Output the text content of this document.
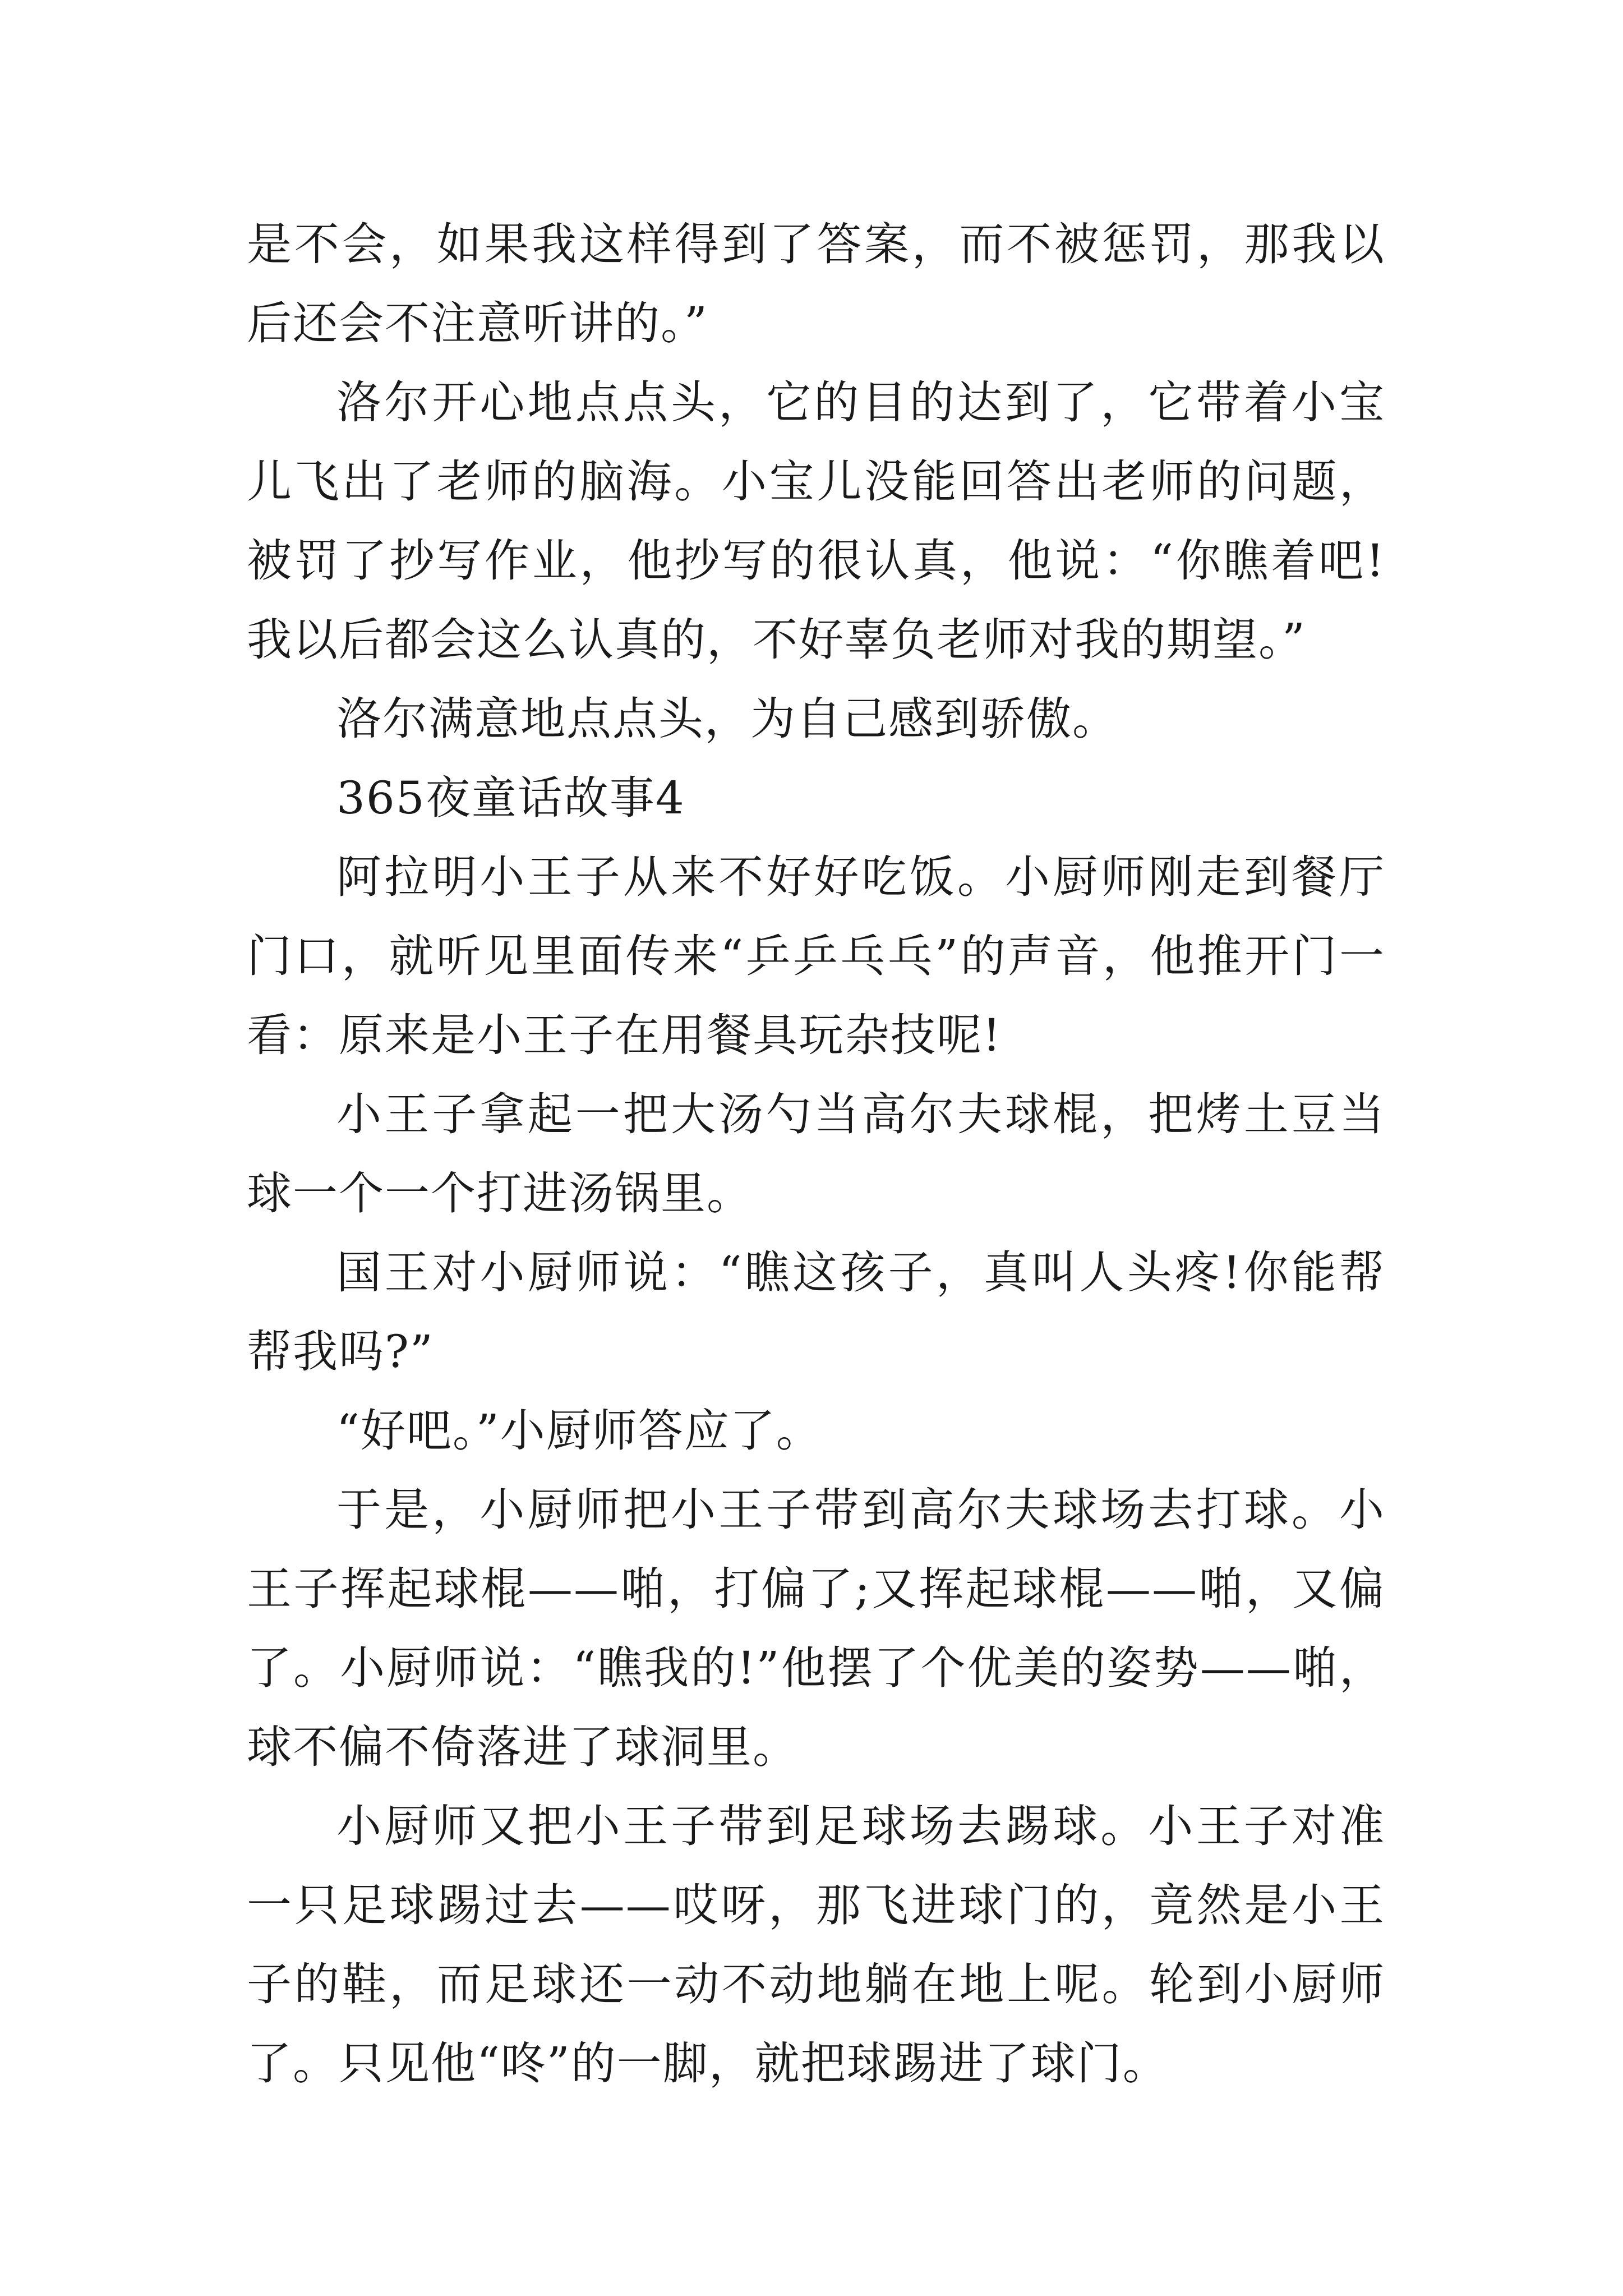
是不会，如果我这样得到了答案，而不被惩罚，那我以后还会不注意听讲的。”

洛尔开心地点点头，它的目的达到了，它带着小宝儿飞出了老师的脑海。小宝儿没能回答出老师的问题，被罚了抄写作业，他抄写的很认真，他说：“你瞧着吧!我以后都会这么认真的，不好辜负老师对我的期望。”

洛尔满意地点点头，为自己感到骄傲。

365夜童话故事4

阿拉明小王子从来不好好吃饭。小厨师刚走到餐厅门口，就听见里面传来“乒乒乓乓”的声音，他推开门一看：原来是小王子在用餐具玩杂技呢!

小王子拿起一把大汤勺当高尔夫球棍，把烤土豆当球一个一个打进汤锅里。

国王对小厨师说：“瞧这孩子，真叫人头疼!你能帮帮我吗?”

“好吧。”小厨师答应了。

于是，小厨师把小王子带到高尔夫球场去打球。小王子挥起球棍——啪，打偏了;又挥起球棍——啪，又偏了。小厨师说：“瞧我的!”他摆了个优美的姿势——啪，球不偏不倚落进了球洞里。

小厨师又把小王子带到足球场去踢球。小王子对准一只足球踢过去——哎呀，那飞进球门的，竟然是小王子的鞋，而足球还一动不动地躺在地上呢。轮到小厨师了。只见他“咚”的一脚，就把球踢进了球门。
